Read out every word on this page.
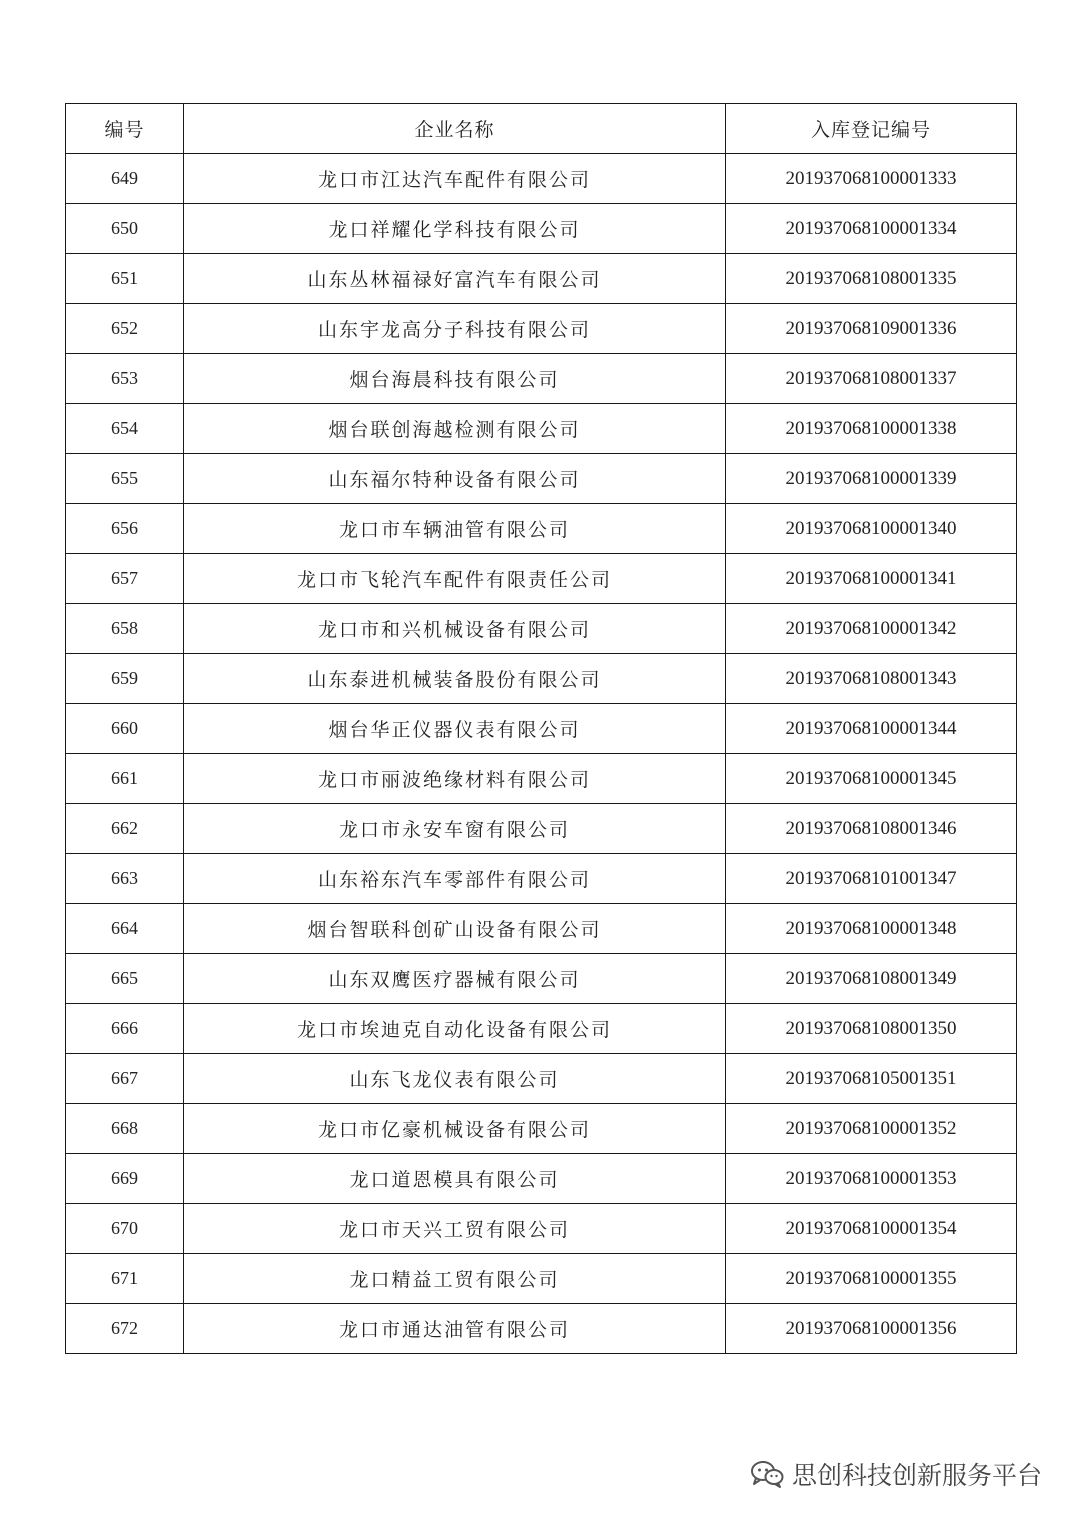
编号	企业名称	入库登记编号
649	龙口市江达汽车配件有限公司	201937068100001333
650	龙口祥耀化学科技有限公司	201937068100001334
651	山东丛林福禄好富汽车有限公司	201937068108001335
652	山东宇龙高分子科技有限公司	201937068109001336
653	烟台海晨科技有限公司	201937068108001337
654	烟台联创海越检测有限公司	201937068100001338
655	山东福尔特种设备有限公司	201937068100001339
656	龙口市车辆油管有限公司	201937068100001340
657	龙口市飞轮汽车配件有限责任公司	201937068100001341
658	龙口市和兴机械设备有限公司	201937068100001342
659	山东泰进机械装备股份有限公司	201937068108001343
660	烟台华正仪器仪表有限公司	201937068100001344
661	龙口市丽波绝缘材料有限公司	201937068100001345
662	龙口市永安车窗有限公司	201937068108001346
663	山东裕东汽车零部件有限公司	201937068101001347
664	烟台智联科创矿山设备有限公司	201937068100001348
665	山东双鹰医疗器械有限公司	201937068108001349
666	龙口市埃迪克自动化设备有限公司	201937068108001350
667	山东飞龙仪表有限公司	201937068105001351
668	龙口市亿豪机械设备有限公司	201937068100001352
669	龙口道恩模具有限公司	201937068100001353
670	龙口市天兴工贸有限公司	201937068100001354
671	龙口精益工贸有限公司	201937068100001355
672	龙口市通达油管有限公司	201937068100001356
思创科技创新服务平台
